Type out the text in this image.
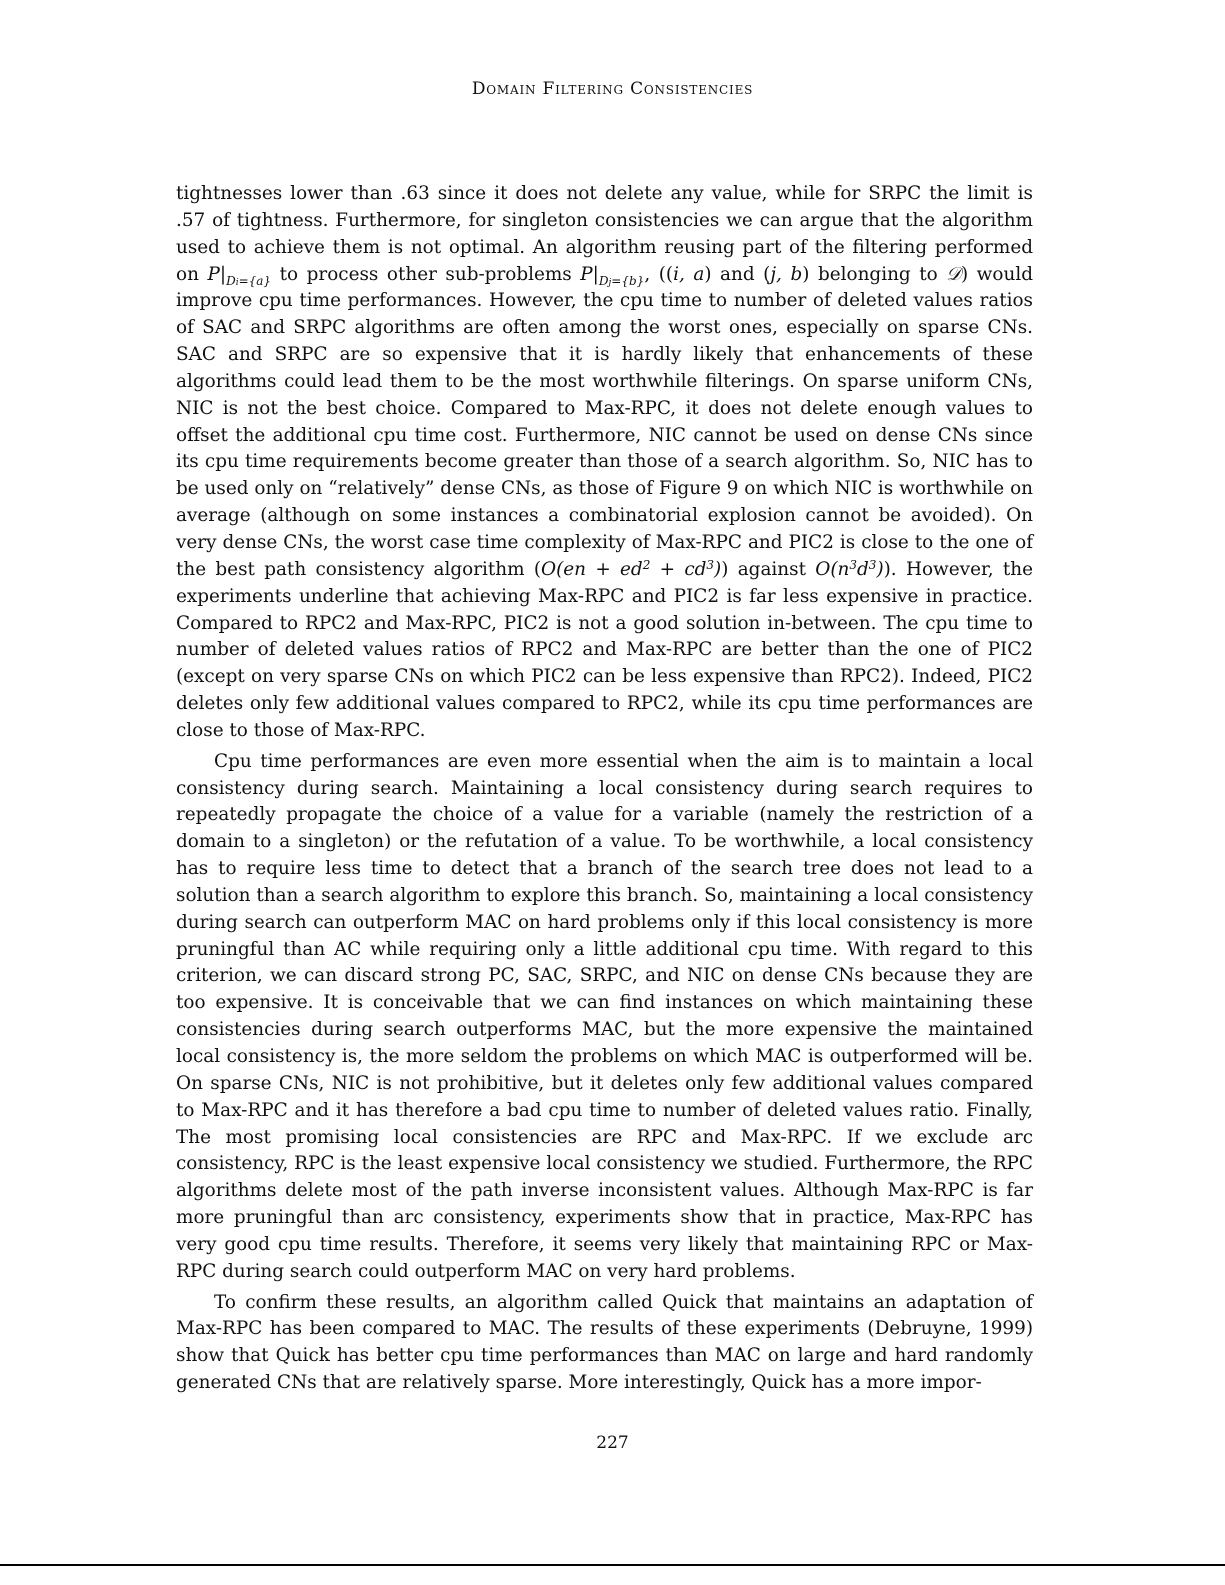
Domain Filtering Consistencies

tightnesses lower than .63 since it does not delete any value, while for SRPC the limit is .57 of tightness. Furthermore, for singleton consistencies we can argue that the algorithm used to achieve them is not optimal. An algorithm reusing part of the filtering performed on $P|_{Di=\{a\}}$ to process other sub-problems $P|_{Dj=\{b\}}$, ((i, a) and (j, b) belonging to 𝒟) would improve cpu time performances. However, the cpu time to number of deleted values ratios of SAC and SRPC algorithms are often among the worst ones, especially on sparse CNs. SAC and SRPC are so expensive that it is hardly likely that enhancements of these algorithms could lead them to be the most worthwhile filterings. On sparse uniform CNs, NIC is not the best choice. Compared to Max-RPC, it does not delete enough values to offset the additional cpu time cost. Furthermore, NIC cannot be used on dense CNs since its cpu time requirements become greater than those of a search algorithm. So, NIC has to be used only on “relatively” dense CNs, as those of Figure 9 on which NIC is worthwhile on average (although on some instances a combinatorial explosion cannot be avoided). On very dense CNs, the worst case time complexity of Max-RPC and PIC2 is close to the one of the best path consistency algorithm $(O(en + ed^2 + cd^3))$ against $O(n^3d^3)$). However, the experiments underline that achieving Max-RPC and PIC2 is far less expensive in practice. Compared to RPC2 and Max-RPC, PIC2 is not a good solution in-between. The cpu time to number of deleted values ratios of RPC2 and Max-RPC are better than the one of PIC2 (except on very sparse CNs on which PIC2 can be less expensive than RPC2). Indeed, PIC2 deletes only few additional values compared to RPC2, while its cpu time performances are close to those of Max-RPC.

Cpu time performances are even more essential when the aim is to maintain a local consistency during search. Maintaining a local consistency during search requires to repeatedly propagate the choice of a value for a variable (namely the restriction of a domain to a singleton) or the refutation of a value. To be worthwhile, a local consistency has to require less time to detect that a branch of the search tree does not lead to a solution than a search algorithm to explore this branch. So, maintaining a local consistency during search can outperform MAC on hard problems only if this local consistency is more pruningful than AC while requiring only a little additional cpu time. With regard to this criterion, we can discard strong PC, SAC, SRPC, and NIC on dense CNs because they are too expensive. It is conceivable that we can find instances on which maintaining these consistencies during search outperforms MAC, but the more expensive the maintained local consistency is, the more seldom the problems on which MAC is outperformed will be. On sparse CNs, NIC is not prohibitive, but it deletes only few additional values compared to Max-RPC and it has therefore a bad cpu time to number of deleted values ratio. Finally, The most promising local consistencies are RPC and Max-RPC. If we exclude arc consistency, RPC is the least expensive local consistency we studied. Furthermore, the RPC algorithms delete most of the path inverse inconsistent values. Although Max-RPC is far more pruningful than arc consistency, experiments show that in practice, Max-RPC has very good cpu time results. Therefore, it seems very likely that maintaining RPC or Max-RPC during search could outperform MAC on very hard problems.

To confirm these results, an algorithm called Quick that maintains an adaptation of Max-RPC has been compared to MAC. The results of these experiments (Debruyne, 1999) show that Quick has better cpu time performances than MAC on large and hard randomly generated CNs that are relatively sparse. More interestingly, Quick has a more impor-

227
